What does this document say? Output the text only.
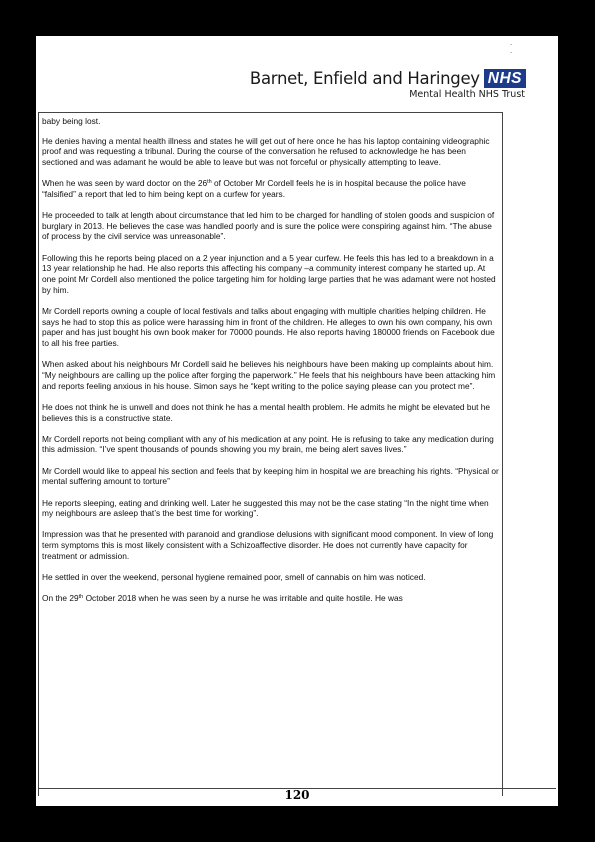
· ·
Barnet, Enfield and Haringey NHS
Mental Health NHS Trust

baby being lost.

He denies having a mental health illness and states he will get out of here once he has his laptop containing videographic proof and was requesting a tribunal. During the course of the conversation he refused to acknowledge he has been sectioned and was adamant he would be able to leave but was not forceful or physically attempting to leave.

When he was seen by ward doctor on the 26th of October Mr Cordell feels he is in hospital because the police have “falsified” a report that led to him being kept on a curfew for years.

He proceeded to talk at length about circumstance that led him to be charged for handling of stolen goods and suspicion of burglary in 2013. He believes the case was handled poorly and is sure the police were conspiring against him. “The abuse of process by the civil service was unreasonable”.

Following this he reports being placed on a 2 year injunction and a 5 year curfew. He feels this has led to a breakdown in a 13 year relationship he had. He also reports this affecting his company –a community interest company he started up. At one point Mr Cordell also mentioned the police targeting him for holding large parties that he was adamant were not hosted by him.

Mr Cordell reports owning a couple of local festivals and talks about engaging with multiple charities helping children. He says he had to stop this as police were harassing him in front of the children. He alleges to own his own company, his own paper and has just bought his own book maker for 70000 pounds. He also reports having 180000 friends on Facebook due to all his free parties.

When asked about his neighbours Mr Cordell said he believes his neighbours have been making up complaints about him. “My neighbours are calling up the police after forging the paperwork.” He feels that his neighbours have been attacking him and reports feeling anxious in his house. Simon says he “kept writing to the police saying please can you protect me”.

He does not think he is unwell and does not think he has a mental health problem. He admits he might be elevated but he believes this is a constructive state.

Mr Cordell reports not being compliant with any of his medication at any point. He is refusing to take any medication during this admission. “I’ve spent thousands of pounds showing you my brain, me being alert saves lives.”

Mr Cordell would like to appeal his section and feels that by keeping him in hospital we are breaching his rights. “Physical or mental suffering amount to torture”

He reports sleeping, eating and drinking well. Later he suggested this may not be the case stating “In the night time when my neighbours are asleep that’s the best time for working”.

Impression was that he presented with paranoid and grandiose delusions with significant mood component. In view of long term symptoms this is most likely consistent with a Schizoaffective disorder. He does not currently have capacity for treatment or admission.

He settled in over the weekend, personal hygiene remained poor, smell of cannabis on him was noticed.

On the 29th October 2018 when he was seen by a nurse he was irritable and quite hostile. He was

120
